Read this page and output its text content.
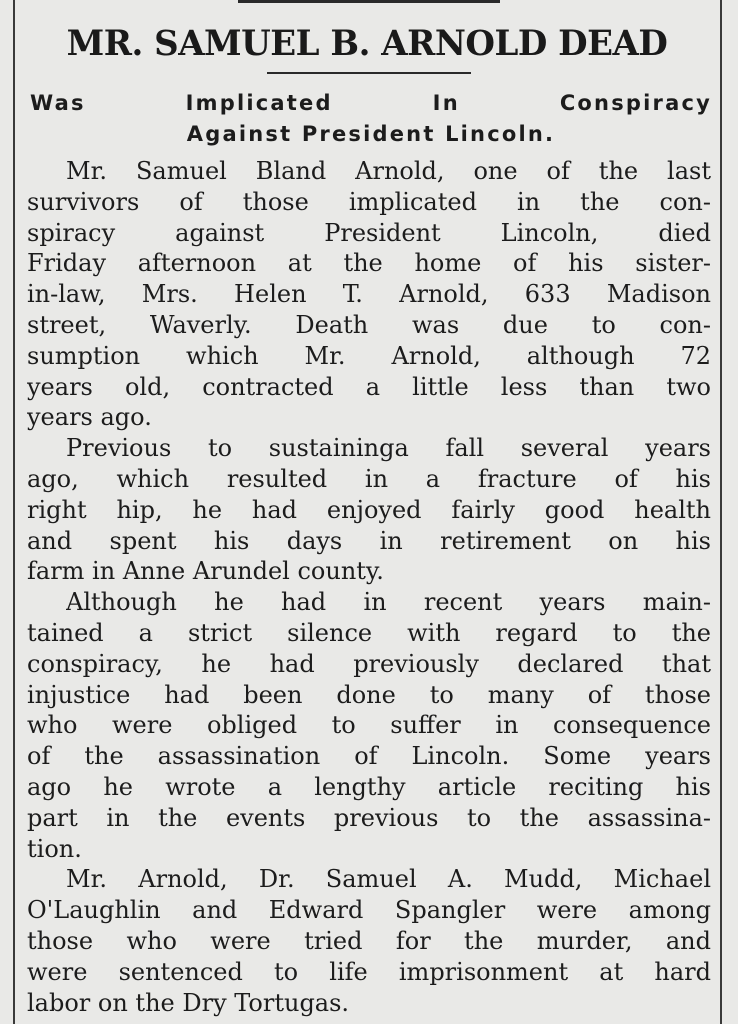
MR. SAMUEL B. ARNOLD DEAD
Was Implicated In Conspiracy
Against President Lincoln.
Mr. Samuel Bland Arnold, one of the last
survivors of those implicated in the con-
spiracy against President Lincoln, died
Friday afternoon at the home of his sister-
in-law, Mrs. Helen T. Arnold, 633 Madison
street, Waverly. Death was due to con-
sumption which Mr. Arnold, although 72
years old, contracted a little less than two
years ago.
Previous to sustaininga fall several years
ago, which resulted in a fracture of his
right hip, he had enjoyed fairly good health
and spent his days in retirement on his
farm in Anne Arundel county.
Although he had in recent years main-
tained a strict silence with regard to the
conspiracy, he had previously declared that
injustice had been done to many of those
who were obliged to suffer in consequence
of the assassination of Lincoln. Some years
ago he wrote a lengthy article reciting his
part in the events previous to the assassina-
tion.
Mr. Arnold, Dr. Samuel A. Mudd, Michael
O'Laughlin and Edward Spangler were among
those who were tried for the murder, and
were sentenced to life imprisonment at hard
labor on the Dry Tortugas.
